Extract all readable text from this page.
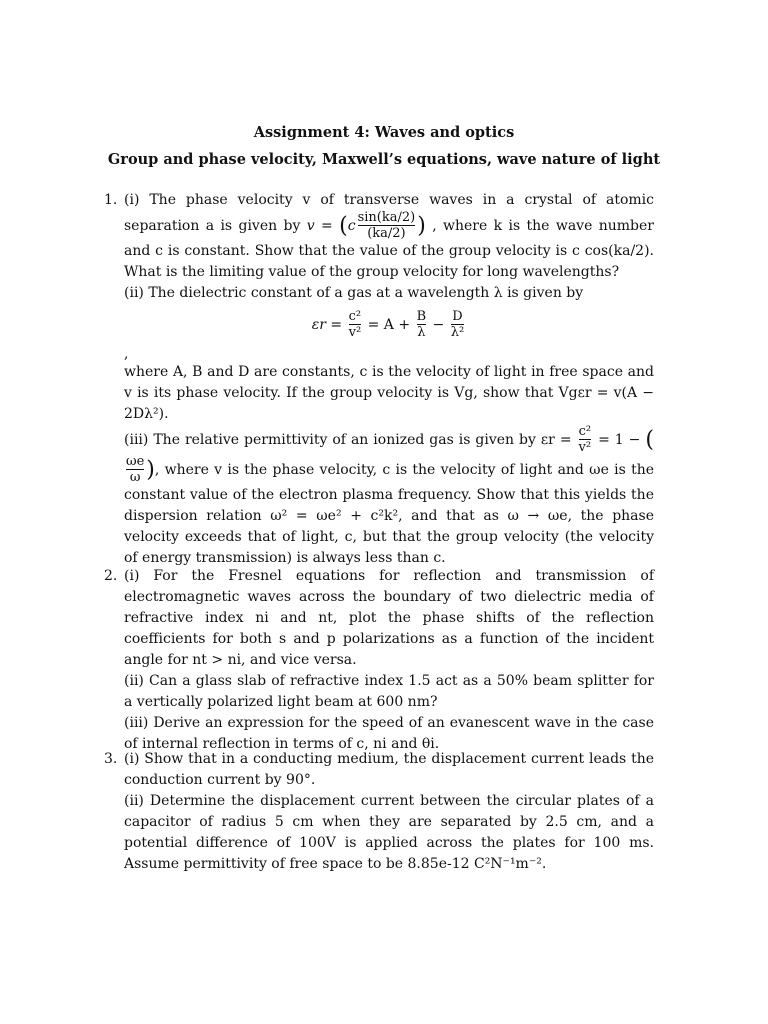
Assignment 4: Waves and optics
Group and phase velocity, Maxwell’s equations, wave nature of light
1. (i) The phase velocity v of transverse waves in a crystal of atomic separation a is given by $v = (c \frac{\sin(ka/2)}{(ka/2)}$ ) , where k is the wave number and c is constant. Show that the value of the group velocity is c cos(ka/2). What is the limiting value of the group velocity for long wavelengths?

(ii) The dielectric constant of a gas at a wavelength λ is given by

$\varepsilon r = \frac{\text{c²}}{\text{v²}} = A + \frac{B}{\lambda} - \frac{D}{\text{λ²}}$

,

where A, B and D are constants, c is the velocity of light in free space and v is its phase velocity. If the group velocity is Vg, show that Vgεr = v(A − 2Dλ²).

(iii) The relative permittivity of an ionized gas is given by $\varepsilon r = \frac{\text{c²}}{\text{v²}} = 1$ − (
$\frac{\omega e}{\omega}$ ), where v is the phase velocity, c is the velocity of light and ωe is the constant value of the electron plasma frequency. Show that this yields the dispersion relation ω² = ωe² + c²k², and that as ω → ωe, the phase velocity exceeds that of light, c, but that the group velocity (the velocity of energy transmission) is always less than c.

2. (i) For the Fresnel equations for reflection and transmission of electromagnetic waves across the boundary of two dielectric media of refractive index ni and nt, plot the phase shifts of the reflection coefficients for both s and p polarizations as a function of the incident angle for nt > ni, and vice versa.

(ii) Can a glass slab of refractive index 1.5 act as a 50% beam splitter for a vertically polarized light beam at 600 nm?

(iii) Derive an expression for the speed of an evanescent wave in the case of internal reflection in terms of c, ni and θi.

3. (i) Show that in a conducting medium, the displacement current leads the conduction current by 90°.

(ii) Determine the displacement current between the circular plates of a capacitor of radius 5 cm when they are separated by 2.5 cm, and a potential difference of 100V is applied across the plates for 100 ms. Assume permittivity of free space to be 8.85e-12 C²N⁻¹m⁻².
